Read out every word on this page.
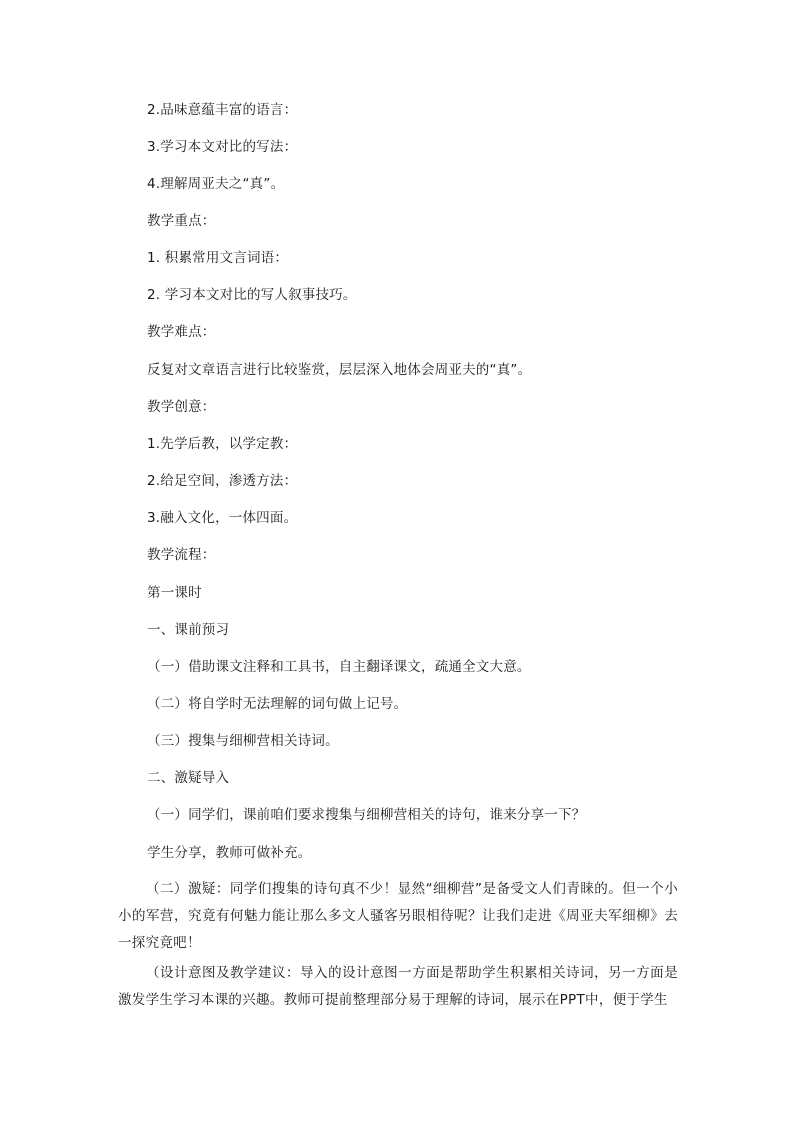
2.品味意蕴丰富的语言：
3.学习本文对比的写法：
4.理解周亚夫之“真”。
教学重点：
1. 积累常用文言词语：
2. 学习本文对比的写人叙事技巧。
教学难点：
反复对文章语言进行比较鉴赏，层层深入地体会周亚夫的“真”。
教学创意：
1.先学后教，以学定教：
2.给足空间，渗透方法：
3.融入文化，一体四面。
教学流程：
第一课时
一、课前预习
（一）借助课文注释和工具书，自主翻译课文，疏通全文大意。
（二）将自学时无法理解的词句做上记号。
（三）搜集与细柳营相关诗词。
二、激疑导入
（一）同学们，课前咱们要求搜集与细柳营相关的诗句，谁来分享一下？
学生分享，教师可做补充。
（二）激疑：同学们搜集的诗句真不少！显然“细柳营”是备受文人们青睐的。但一个小小的军营，究竟有何魅力能让那么多文人骚客另眼相待呢？让我们走进《周亚夫军细柳》去一探究竟吧！
（设计意图及教学建议：导入的设计意图一方面是帮助学生积累相关诗词，另一方面是激发学生学习本课的兴趣。教师可提前整理部分易于理解的诗词，展示在PPT中，便于学生
